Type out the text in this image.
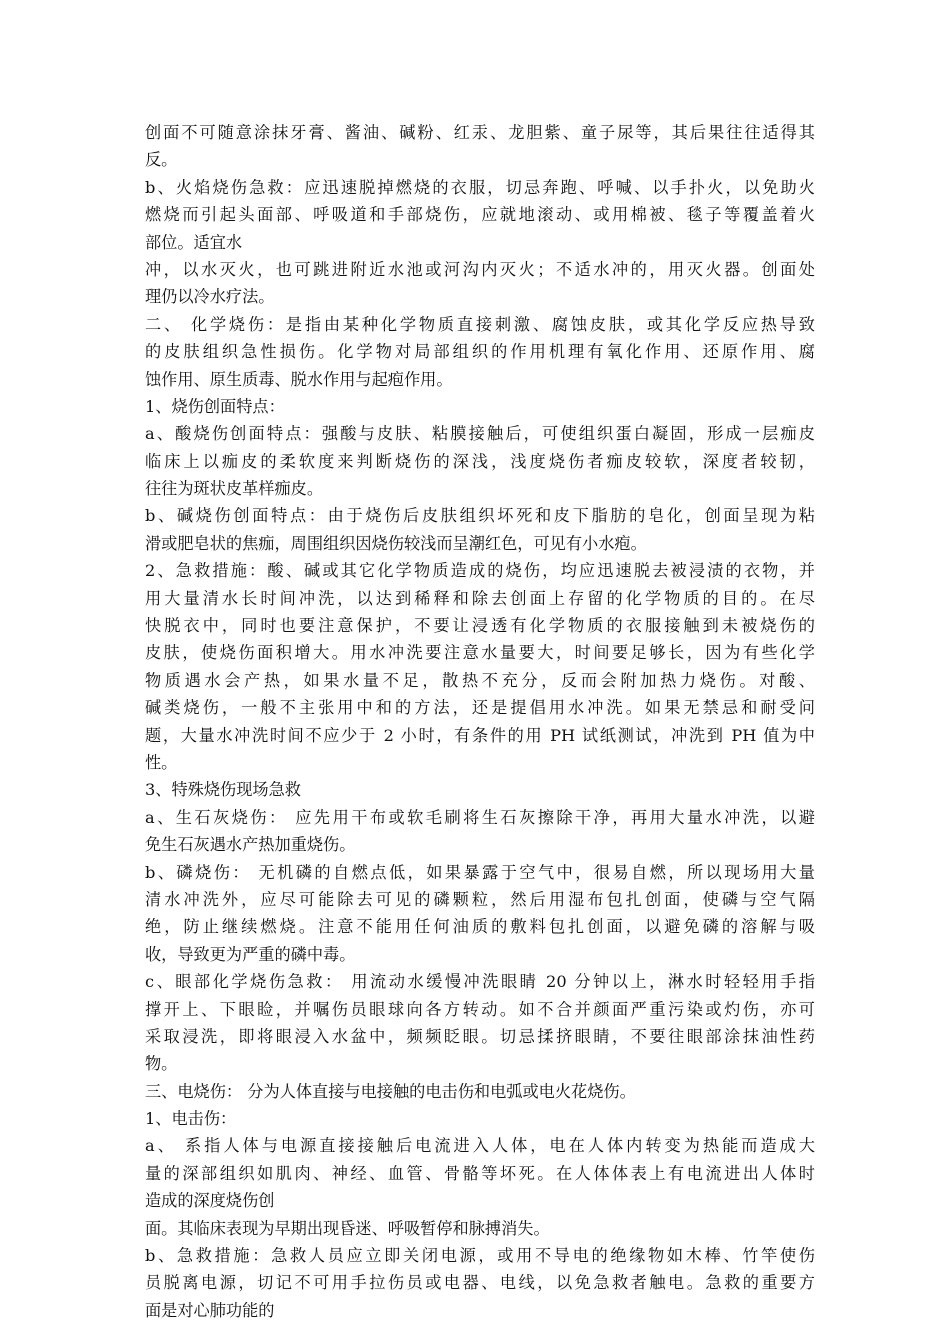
创面不可随意涂抹牙膏、酱油、碱粉、红汞、龙胆紫、童子尿等，其后果往往适得其
反。
b、火焰烧伤急救：应迅速脱掉燃烧的衣服，切忌奔跑、呼喊、以手扑火，以免助火
燃烧而引起头面部、呼吸道和手部烧伤，应就地滚动、或用棉被、毯子等覆盖着火
部位。适宜水
冲，以水灭火，也可跳进附近水池或河沟内灭火；不适水冲的，用灭火器。创面处
理仍以冷水疗法。
二、 化学烧伤：是指由某种化学物质直接刺激、腐蚀皮肤，或其化学反应热导致
的皮肤组织急性损伤。化学物对局部组织的作用机理有氧化作用、还原作用、腐
蚀作用、原生质毒、脱水作用与起疱作用。
1、烧伤创面特点：
a、酸烧伤创面特点：强酸与皮肤、粘膜接触后，可使组织蛋白凝固，形成一层痂皮
临床上以痂皮的柔软度来判断烧伤的深浅，浅度烧伤者痂皮较软，深度者较韧，
往往为斑状皮革样痂皮。
b、碱烧伤创面特点：由于烧伤后皮肤组织坏死和皮下脂肪的皂化，创面呈现为粘
滑或肥皂状的焦痂，周围组织因烧伤较浅而呈潮红色，可见有小水疱。
2、急救措施：酸、碱或其它化学物质造成的烧伤，均应迅速脱去被浸渍的衣物，并
用大量清水长时间冲洗，以达到稀释和除去创面上存留的化学物质的目的。在尽
快脱衣中，同时也要注意保护，不要让浸透有化学物质的衣服接触到未被烧伤的
皮肤，使烧伤面积增大。用水冲洗要注意水量要大，时间要足够长，因为有些化学
物质遇水会产热，如果水量不足，散热不充分，反而会附加热力烧伤。对酸、
碱类烧伤，一般不主张用中和的方法，还是提倡用水冲洗。如果无禁忌和耐受问
题，大量水冲洗时间不应少于 2 小时，有条件的用 PH 试纸测试，冲洗到 PH 值为中
性。
3、特殊烧伤现场急救
a、生石灰烧伤： 应先用干布或软毛刷将生石灰擦除干净，再用大量水冲洗，以避
免生石灰遇水产热加重烧伤。
b、磷烧伤： 无机磷的自燃点低，如果暴露于空气中，很易自燃，所以现场用大量
清水冲洗外，应尽可能除去可见的磷颗粒，然后用湿布包扎创面，使磷与空气隔
绝，防止继续燃烧。注意不能用任何油质的敷料包扎创面，以避免磷的溶解与吸
收，导致更为严重的磷中毒。
c、眼部化学烧伤急救： 用流动水缓慢冲洗眼睛 20 分钟以上，淋水时轻轻用手指
撑开上、下眼睑，并嘱伤员眼球向各方转动。如不合并颜面严重污染或灼伤，亦可
采取浸洗，即将眼浸入水盆中，频频眨眼。切忌揉挤眼睛，不要往眼部涂抹油性药
物。
三、电烧伤： 分为人体直接与电接触的电击伤和电弧或电火花烧伤。
1、电击伤：
a、 系指人体与电源直接接触后电流进入人体，电在人体内转变为热能而造成大
量的深部组织如肌肉、神经、血管、骨骼等坏死。在人体体表上有电流进出人体时
造成的深度烧伤创
面。其临床表现为早期出现昏迷、呼吸暂停和脉搏消失。
b、急救措施：急救人员应立即关闭电源，或用不导电的绝缘物如木棒、竹竿使伤
员脱离电源，切记不可用手拉伤员或电器、电线，以免急救者触电。急救的重要方
面是对心肺功能的
